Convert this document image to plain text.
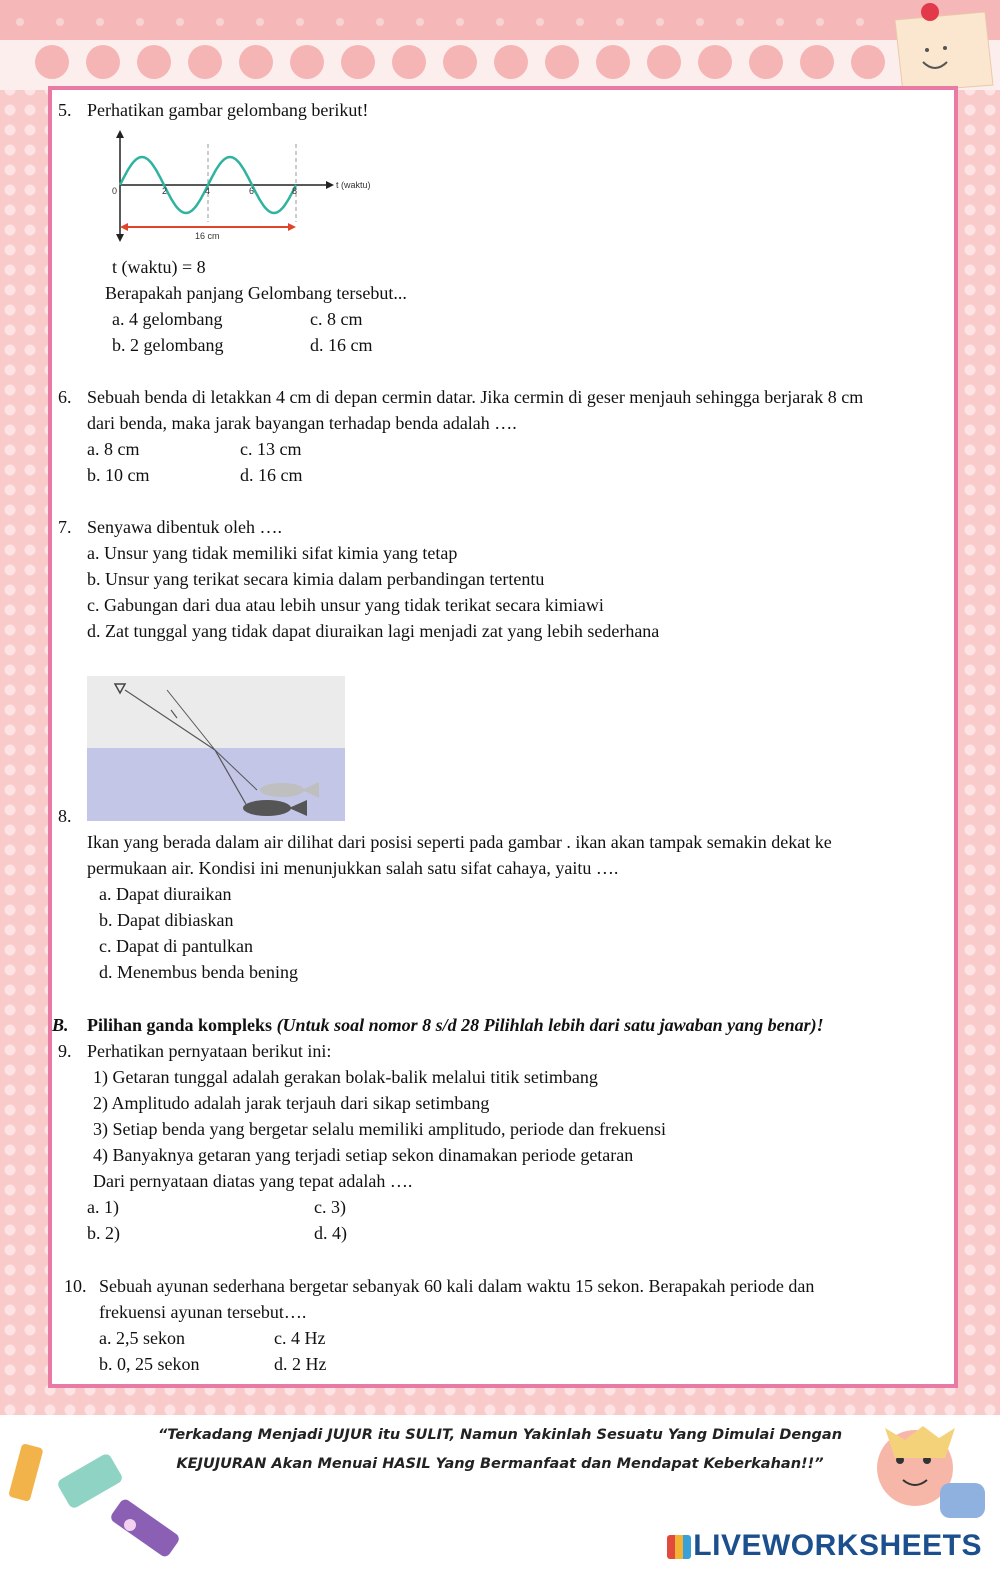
5. Perhatikan gambar gelombang berikut!
0	2	4	6	8
t (waktu)
16 cm
t (waktu) = 8
Berapakah panjang Gelombang tersebut...
a. 4 gelombang	c. 8 cm
b. 2 gelombang	d. 16 cm
6. Sebuah benda di letakkan 4 cm di depan cermin datar. Jika cermin di geser menjauh sehingga berjarak 8 cm
dari benda, maka jarak bayangan terhadap benda adalah ….
a. 8 cm	c. 13 cm
b. 10 cm	d. 16 cm
7. Senyawa dibentuk oleh ….
a. Unsur yang tidak memiliki sifat kimia yang tetap
b. Unsur yang terikat secara kimia dalam perbandingan tertentu
c. Gabungan dari dua atau lebih unsur yang tidak terikat secara kimiawi
d. Zat tunggal yang tidak dapat diuraikan lagi menjadi zat yang lebih sederhana
8.
Ikan yang berada dalam air dilihat dari posisi seperti pada gambar . ikan akan tampak semakin dekat ke
permukaan air. Kondisi ini menunjukkan salah satu sifat cahaya, yaitu ….
a. Dapat diuraikan
b. Dapat dibiaskan
c. Dapat di pantulkan
d. Menembus benda bening
B. Pilihan ganda kompleks (Untuk soal nomor 8 s/d 28 Pilihlah lebih dari satu jawaban yang benar)!
9. Perhatikan pernyataan berikut ini:
1) Getaran tunggal adalah gerakan bolak-balik melalui titik setimbang
2) Amplitudo adalah jarak terjauh dari sikap setimbang
3) Setiap benda yang bergetar selalu memiliki amplitudo, periode dan frekuensi
4) Banyaknya getaran yang terjadi setiap sekon dinamakan periode getaran
Dari pernyataan diatas yang tepat adalah ….
a. 1)	c. 3)
b. 2)	d. 4)
10. Sebuah ayunan sederhana bergetar sebanyak 60 kali dalam waktu 15 sekon. Berapakah periode dan
frekuensi ayunan tersebut….
a. 2,5 sekon	c. 4 Hz
b. 0, 25 sekon	d. 2 Hz
“Terkadang Menjadi JUJUR itu SULIT, Namun Yakinlah Sesuatu Yang Dimulai Dengan
KEJUJURAN Akan Menuai HASIL Yang Bermanfaat dan Mendapat Keberkahan!!”
LIVEWORKSHEETS
